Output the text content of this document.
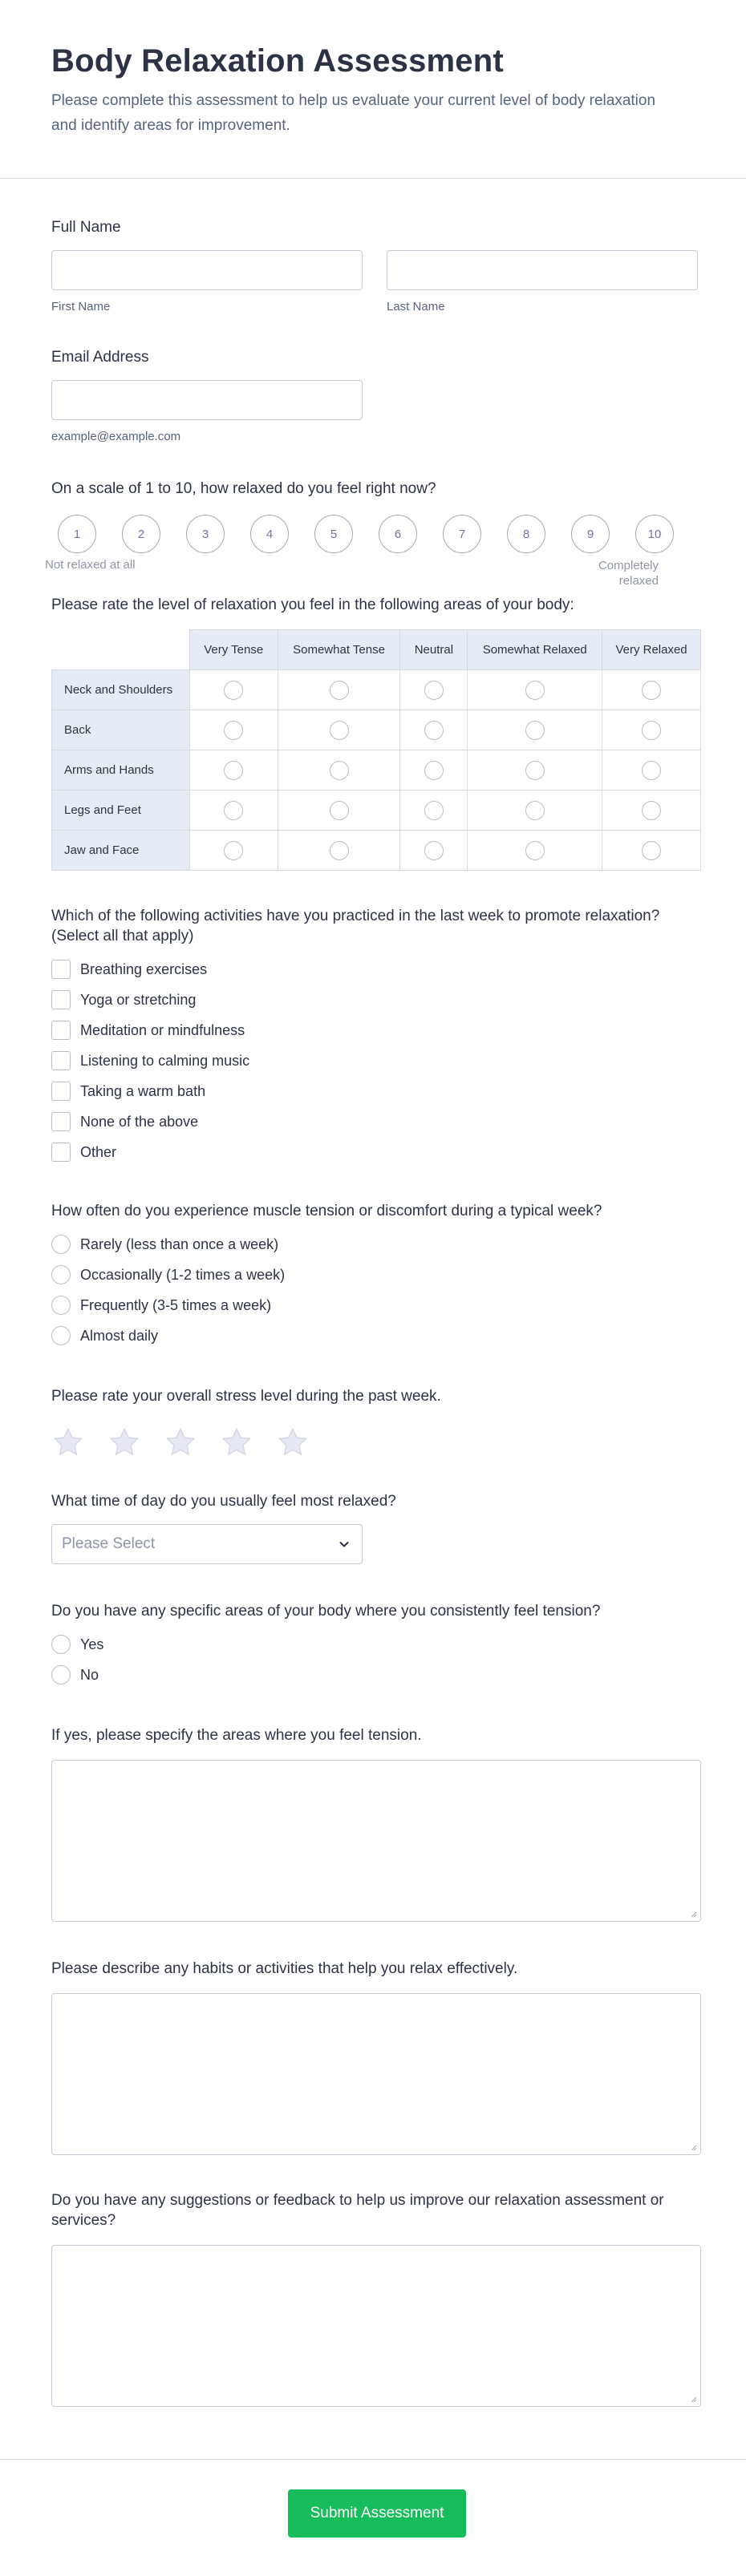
Body Relaxation Assessment

Please complete this assessment to help us evaluate your current level of body relaxation and identify areas for improvement.

Full Name
First Name	Last Name
Email Address
example@example.com
On a scale of 1 to 10, how relaxed do you feel right now?
1	2	3	4	5	6	7	8	9	10
Not relaxed at all	Completely relaxed
Please rate the level of relaxation you feel in the following areas of your body:
	Very Tense	Somewhat Tense	Neutral	Somewhat Relaxed	Very Relaxed
Neck and Shoulders					
Back					
Arms and Hands					
Legs and Feet					
Jaw and Face					
Which of the following activities have you practiced in the last week to promote relaxation? (Select all that apply)
Breathing exercises
Yoga or stretching
Meditation or mindfulness
Listening to calming music
Taking a warm bath
None of the above
Other
How often do you experience muscle tension or discomfort during a typical week?
Rarely (less than once a week)
Occasionally (1-2 times a week)
Frequently (3-5 times a week)
Almost daily
Please rate your overall stress level during the past week.
What time of day do you usually feel most relaxed?
Please Select
Do you have any specific areas of your body where you consistently feel tension?
Yes
No
If yes, please specify the areas where you feel tension.
Please describe any habits or activities that help you relax effectively.
Do you have any suggestions or feedback to help us improve our relaxation assessment or services?
Submit Assessment
